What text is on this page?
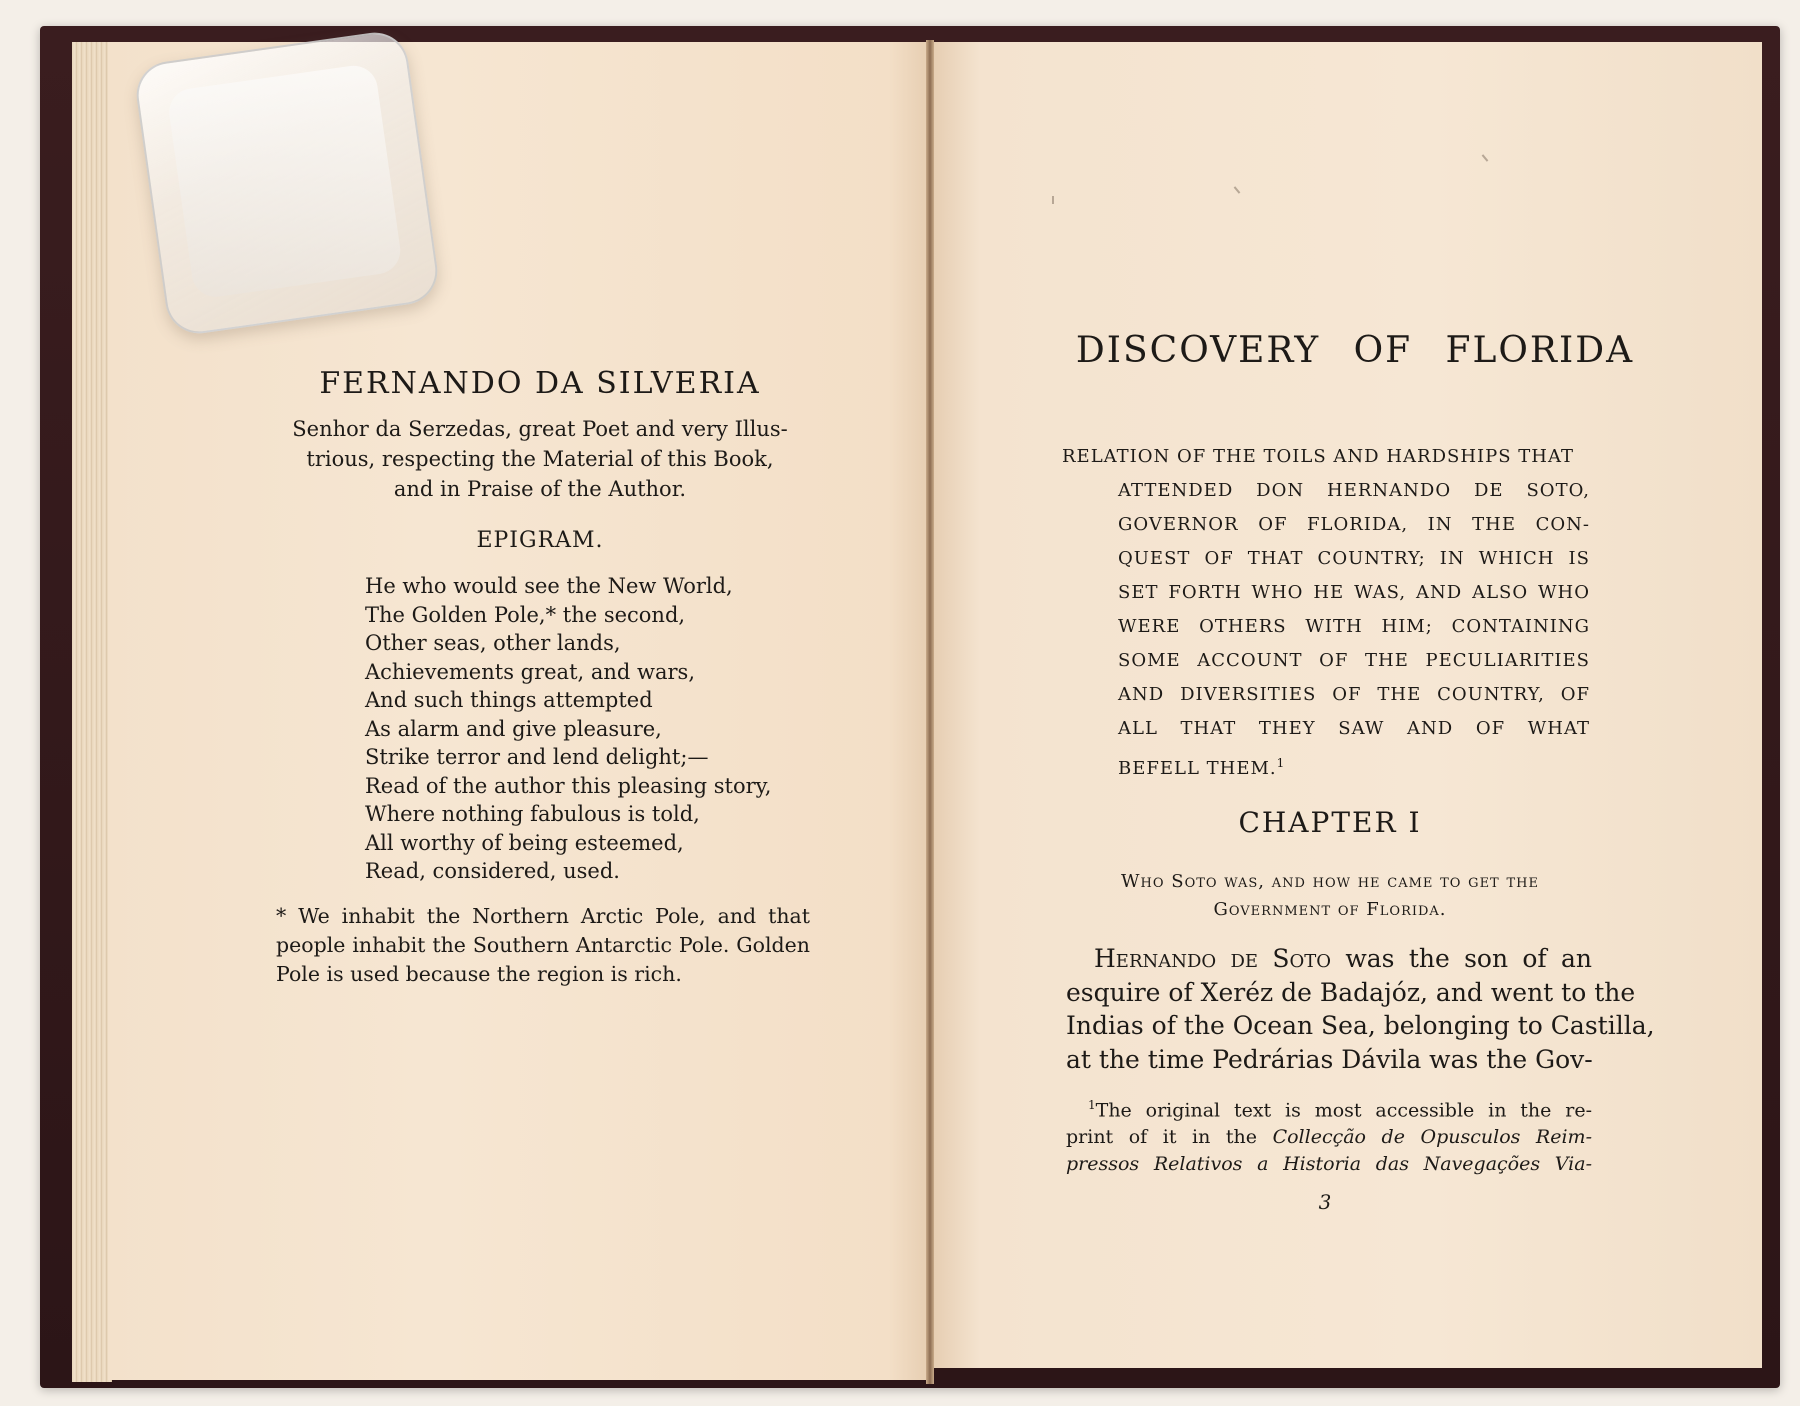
FERNANDO DA SILVERIA
Senhor da Serzedas, great Poet and very Illus-
trious, respecting the Material of this Book,
and in Praise of the Author.
EPIGRAM.
He who would see the New World,
The Golden Pole,* the second,
Other seas, other lands,
Achievements great, and wars,
And such things attempted
As alarm and give pleasure,
Strike terror and lend delight;—
Read of the author this pleasing story,
Where nothing fabulous is told,
All worthy of being esteemed,
Read, considered, used.
* We inhabit the Northern Arctic Pole, and that people inhabit the Southern Antarctic Pole. Golden Pole is used because the region is rich.
DISCOVERY OF FLORIDA
RELATION OF THE TOILS AND HARDSHIPS THAT
ATTENDED DON HERNANDO DE SOTO,
GOVERNOR OF FLORIDA, IN THE CON-
QUEST OF THAT COUNTRY; IN WHICH IS
SET FORTH WHO HE WAS, AND ALSO WHO
WERE OTHERS WITH HIM; CONTAINING
SOME ACCOUNT OF THE PECULIARITIES
AND DIVERSITIES OF THE COUNTRY, OF
ALL THAT THEY SAW AND OF WHAT
BEFELL THEM.$^1$
CHAPTER I
Who Soto was, and how he came to get the
Government of Florida.
Hernando de Soto was the son of an
esquire of Xeréz de Badajóz, and went to the
Indias of the Ocean Sea, belonging to Castilla,
at the time Pedrárias Dávila was the Gov-
$^1$The original text is most accessible in the re-
print of it in the Collecção de Opusculos Reim-
pressos Relativos a Historia das Navegações Via-
3
